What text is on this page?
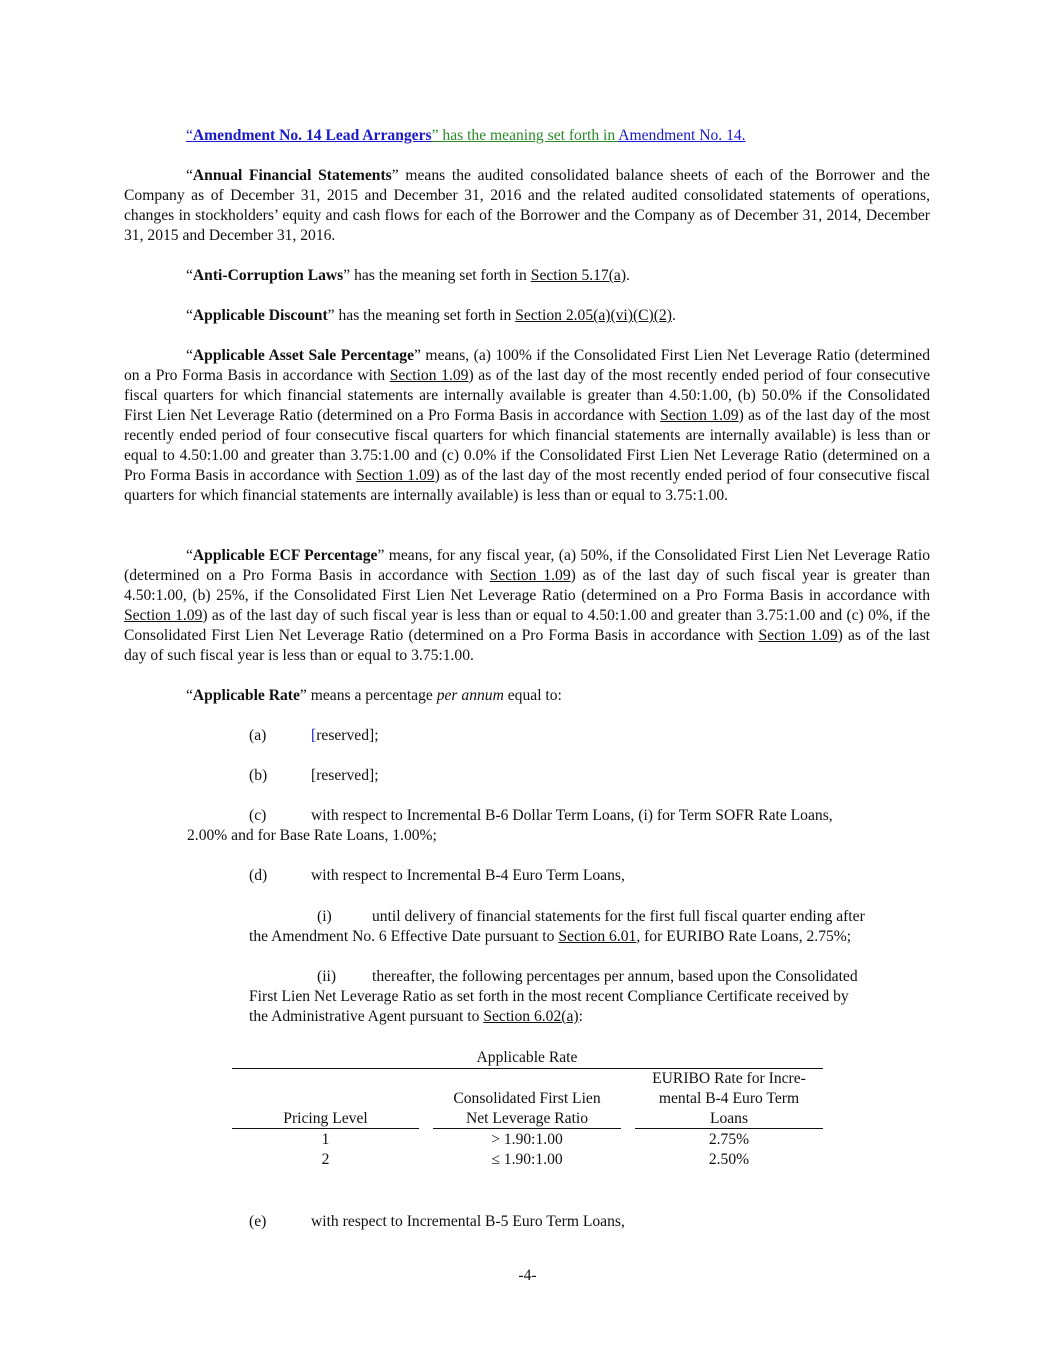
“Amendment No. 14 Lead Arrangers” has the meaning set forth in Amendment No. 14.

“Annual Financial Statements” means the audited consolidated balance sheets of each of the Borrower and the Company as of December 31, 2015 and December 31, 2016 and the related audited consolidated statements of operations, changes in stockholders’ equity and cash flows for each of the Borrower and the Company as of December 31, 2014, December 31, 2015 and December 31, 2016.

“Anti-Corruption Laws” has the meaning set forth in Section 5.17(a).

“Applicable Discount” has the meaning set forth in Section 2.05(a)(vi)(C)(2).

“Applicable Asset Sale Percentage” means, (a) 100% if the Consolidated First Lien Net Leverage Ratio (determined on a Pro Forma Basis in accordance with Section 1.09) as of the last day of the most recently ended period of four consecutive fiscal quarters for which financial statements are internally available is greater than 4.50:1.00, (b) 50.0% if the Consolidated First Lien Net Leverage Ratio (determined on a Pro Forma Basis in accordance with Section 1.09) as of the last day of the most recently ended period of four consecutive fiscal quarters for which financial statements are internally available) is less than or equal to 4.50:1.00 and greater than 3.75:1.00 and (c) 0.0% if the Consolidated First Lien Net Leverage Ratio (determined on a Pro Forma Basis in accordance with Section 1.09) as of the last day of the most recently ended period of four consecutive fiscal quarters for which financial statements are internally available) is less than or equal to 3.75:1.00.

“Applicable ECF Percentage” means, for any fiscal year, (a) 50%, if the Consolidated First Lien Net Leverage Ratio (determined on a Pro Forma Basis in accordance with Section 1.09) as of the last day of such fiscal year is greater than 4.50:1.00, (b) 25%, if the Consolidated First Lien Net Leverage Ratio (determined on a Pro Forma Basis in accordance with Section 1.09) as of the last day of such fiscal year is less than or equal to 4.50:1.00 and greater than 3.75:1.00 and (c) 0%, if the Consolidated First Lien Net Leverage Ratio (determined on a Pro Forma Basis in accordance with Section 1.09) as of the last day of such fiscal year is less than or equal to 3.75:1.00.

“Applicable Rate” means a percentage per annum equal to:

(a)	[reserved];
(b)	[reserved];
(c)	with respect to Incremental B-6 Dollar Term Loans, (i) for Term SOFR Rate Loans,
2.00% and for Base Rate Loans, 1.00%;
(d)	with respect to Incremental B-4 Euro Term Loans,
(i)	until delivery of financial statements for the first full fiscal quarter ending after
the Amendment No. 6 Effective Date pursuant to Section 6.01, for EURIBO Rate Loans, 2.75%;
(ii) thereafter, the following percentages per annum, based upon the Consolidated
First Lien Net Leverage Ratio as set forth in the most recent Compliance Certificate received by
the Administrative Agent pursuant to Section 6.02(a):
Applicable Rate
Pricing Level
Consolidated First Lien
Net Leverage Ratio
EURIBO Rate for Incre-
mental B-4 Euro Term
Loans
1	> 1.90:1.00	2.75%
2	≤ 1.90:1.00	2.50%
(e)	with respect to Incremental B-5 Euro Term Loans,
-4-
